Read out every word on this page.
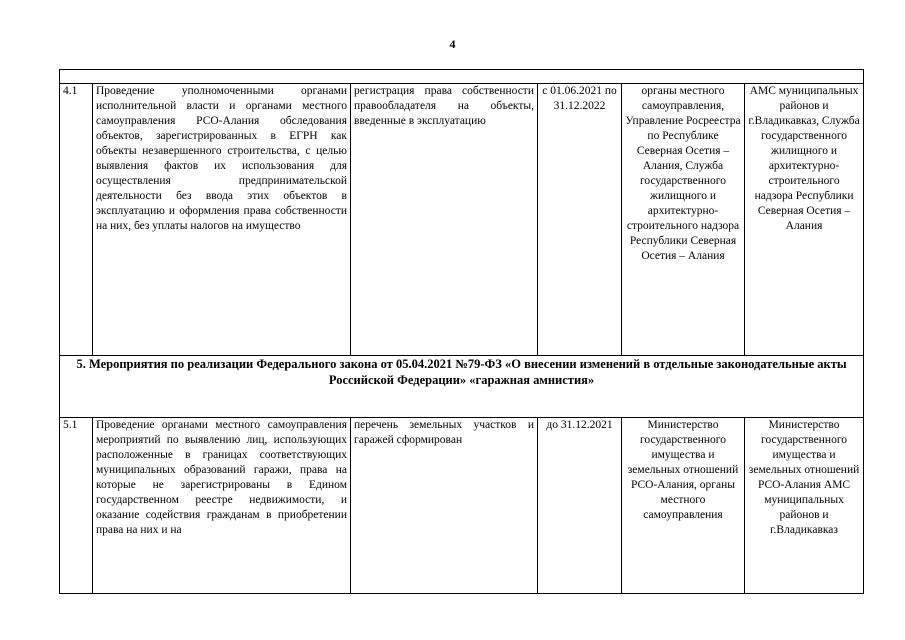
4

4.1	Проведение уполномоченными органами исполнительной власти и органами местного самоуправления РСО-Алания обследования объектов, зарегистрированных в ЕГРН как объекты незавершенного строительства, с целью выявления фактов их использования для осуществления предпринимательской деятельности без ввода этих объектов в эксплуатацию и оформления права собственности на них, без уплаты налогов на имущество	регистрация права собственности правообладателя на объекты, введенные в эксплуатацию	с 01.06.2021 по 31.12.2022	органы местного самоуправления, Управление Росреестра по Республике Северная Осетия – Алания, Служба государственного жилищного и архитектурно-строительного надзора Республики Северная Осетия – Алания	АМС муниципальных районов и г.Владикавказ, Служба государственного жилищного и архитектурно-строительного надзора Республики Северная Осетия – Алания
5. Мероприятия по реализации Федерального закона от 05.04.2021 №79-ФЗ «О внесении изменений в отдельные законодательные акты Российской Федерации» «гаражная амнистия»					
5.1	Проведение органами местного самоуправления мероприятий по выявлению лиц, использующих расположенные в границах соответствующих муниципальных образований гаражи, права на которые не зарегистрированы в Едином государственном реестре недвижимости, и оказание содействия гражданам в приобретении права на них и на	перечень земельных участков и гаражей сформирован	до 31.12.2021	Министерство государственного имущества и земельных отношений РСО-Алания, органы местного самоуправления	Министерство государственного имущества и земельных отношений РСО-Алания АМС муниципальных районов и г.Владикавказ
